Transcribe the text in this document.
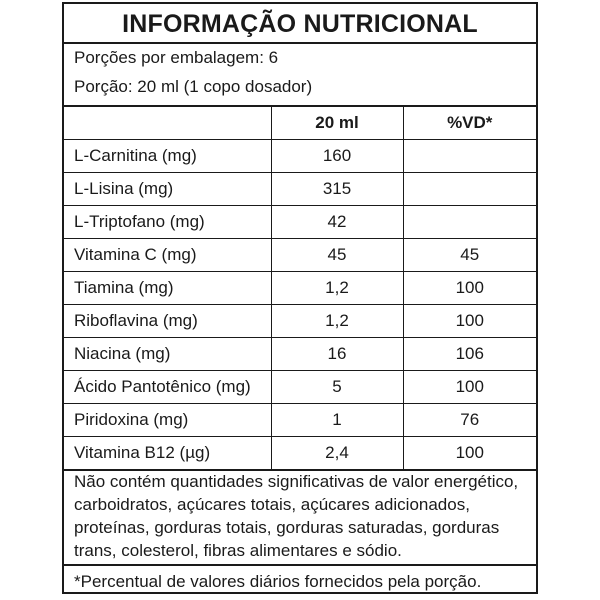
INFORMAÇÃO NUTRICIONAL
Porções por embalagem: 6
Porção: 20 ml (1 copo dosador)
	20 ml	%VD*
L-Carnitina (mg)	160	
L-Lisina (mg)	315	
L-Triptofano (mg)	42	
Vitamina C (mg)	45	45
Tiamina (mg)	1,2	100
Riboflavina (mg)	1,2	100
Niacina (mg)	16	106
Ácido Pantotênico (mg)	5	100
Piridoxina (mg)	1	76
Vitamina B12 (µg)	2,4	100
Não contém quantidades significativas de valor energético, carboidratos, açúcares totais, açúcares adicionados, proteínas, gorduras totais, gorduras saturadas, gorduras trans, colesterol, fibras alimentares e sódio.
*Percentual de valores diários fornecidos pela porção.
